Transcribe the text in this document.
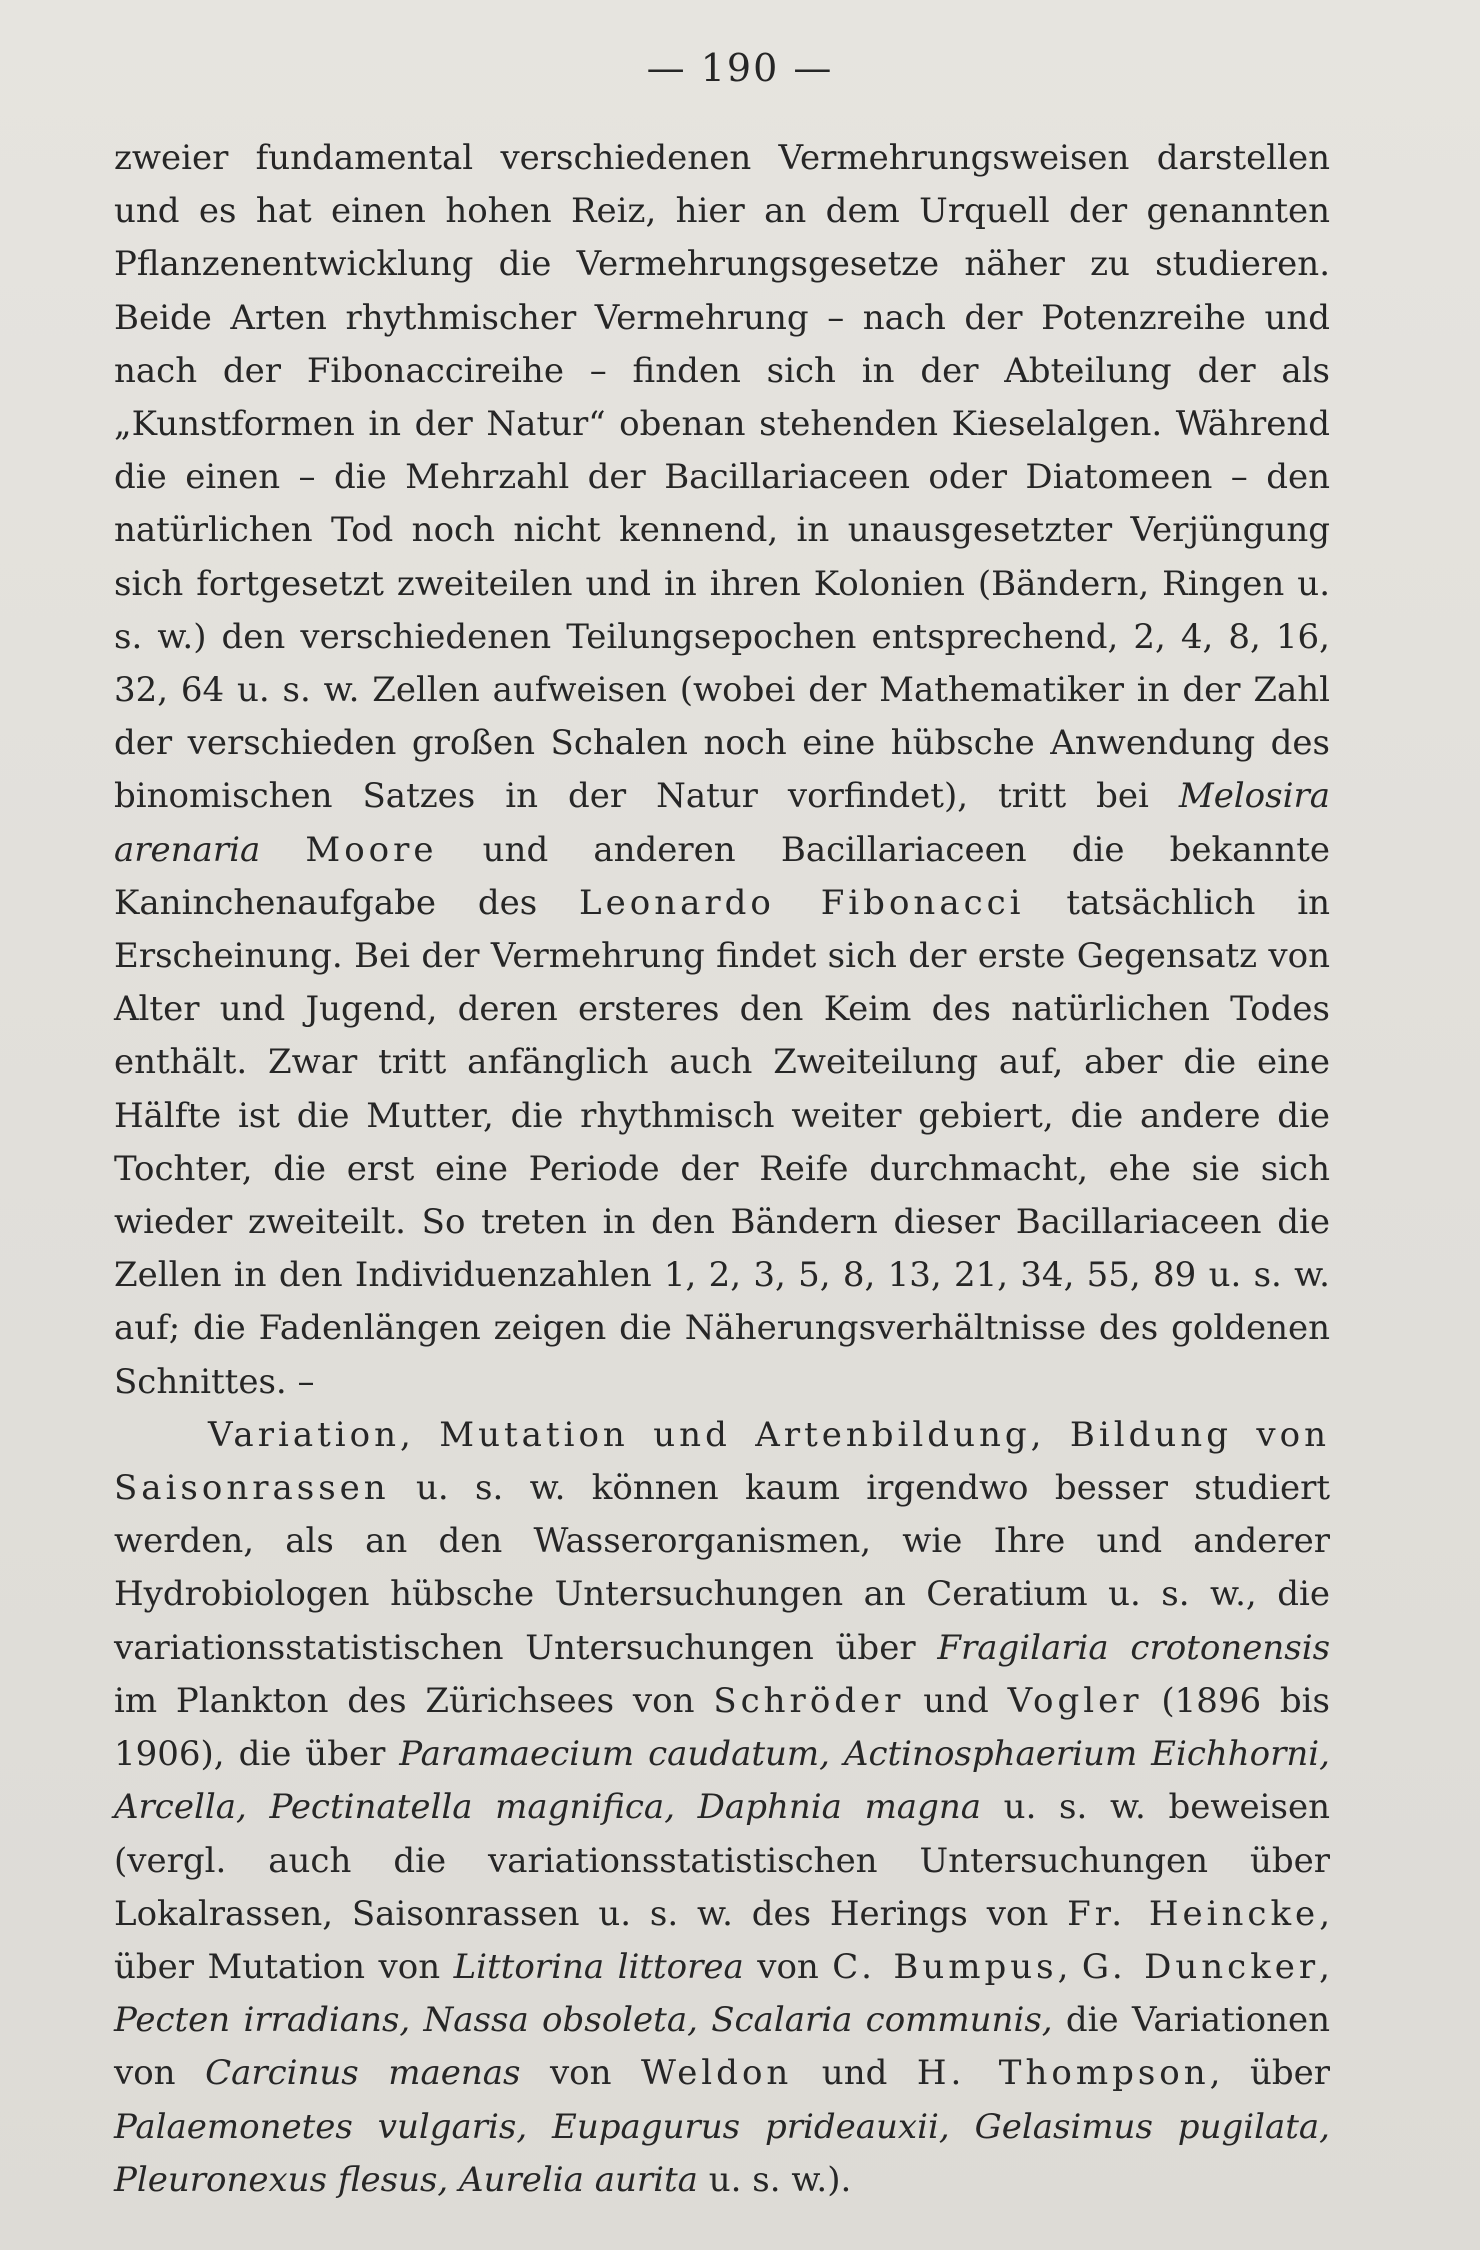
— 190 —

zweier fundamental verschiedenen Vermehrungsweisen darstellen und es hat einen hohen Reiz, hier an dem Urquell der genannten Pflanzenentwicklung die Vermehrungsgesetze näher zu studieren. Beide Arten rhythmischer Vermehrung – nach der Potenzreihe und nach der Fibonaccireihe – finden sich in der Abteilung der als „Kunstformen in der Natur“ obenan stehenden Kieselalgen. Während die einen – die Mehrzahl der Bacillariaceen oder Diatomeen – den natürlichen Tod noch nicht kennend, in unausgesetzter Verjüngung sich fortgesetzt zweiteilen und in ihren Kolonien (Bändern, Ringen u. s. w.) den verschiedenen Teilungsepochen entsprechend, 2, 4, 8, 16, 32, 64 u. s. w. Zellen aufweisen (wobei der Mathematiker in der Zahl der verschieden großen Schalen noch eine hübsche Anwendung des binomischen Satzes in der Natur vorfindet), tritt bei Melosira arenaria Moore und anderen Bacillariaceen die bekannte Kaninchenaufgabe des Leonardo Fibonacci tatsächlich in Erscheinung. Bei der Vermehrung findet sich der erste Gegensatz von Alter und Jugend, deren ersteres den Keim des natürlichen Todes enthält. Zwar tritt anfänglich auch Zweiteilung auf, aber die eine Hälfte ist die Mutter, die rhythmisch weiter gebiert, die andere die Tochter, die erst eine Periode der Reife durchmacht, ehe sie sich wieder zweiteilt. So treten in den Bändern dieser Bacillariaceen die Zellen in den Individuenzahlen 1, 2, 3, 5, 8, 13, 21, 34, 55, 89 u. s. w. auf; die Fadenlängen zeigen die Näherungsverhältnisse des goldenen Schnittes. –

Variation, Mutation und Artenbildung, Bildung von Saisonrassen u. s. w. können kaum irgendwo besser studiert werden, als an den Wasserorganismen, wie Ihre und anderer Hydrobiologen hübsche Untersuchungen an Ceratium u. s. w., die variationsstatistischen Untersuchungen über Fragilaria crotonensis im Plankton des Zürichsees von Schröder und Vogler (1896 bis 1906), die über Paramaecium caudatum, Actinosphaerium Eichhorni, Arcella, Pectinatella magnifica, Daphnia magna u. s. w. beweisen (vergl. auch die variationsstatistischen Untersuchungen über Lokalrassen, Saisonrassen u. s. w. des Herings von Fr. Heincke, über Mutation von Littorina littorea von C. Bumpus, G. Duncker, Pecten irradians, Nassa obsoleta, Scalaria communis, die Variationen von Carcinus maenas von Weldon und H. Thompson, über Palaemonetes vulgaris, Eupagurus prideauxii, Gelasimus pugilata, Pleuronexus flesus, Aurelia aurita u. s. w.).
